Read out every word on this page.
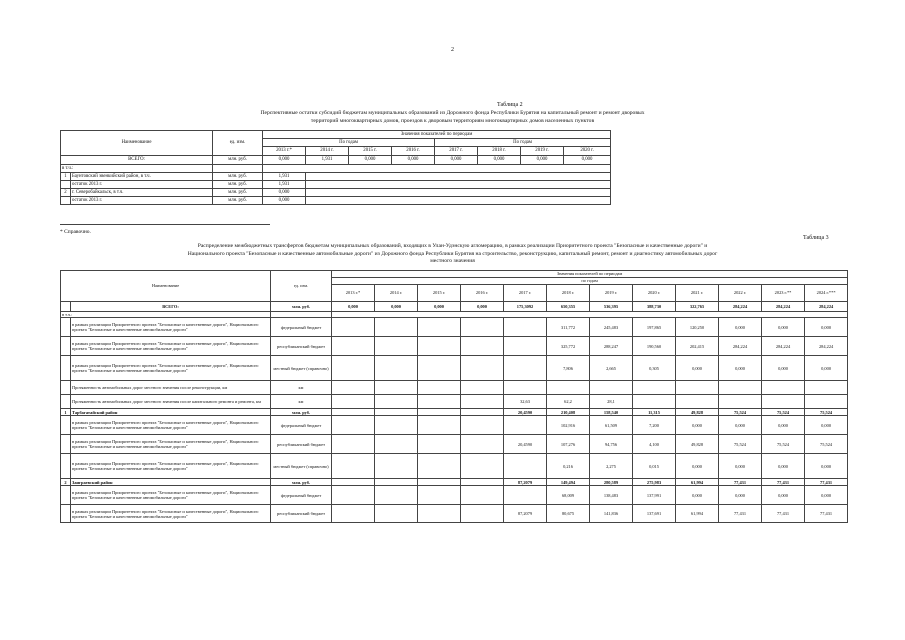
2
Таблица 2
Перспективные остатки субсидий бюджетам муниципальных образований из Дорожного фонда Республики Бурятия на капитальный ремонт и ремонт дворовых
территорий многоквартирных домов, проездов к дворовым территориям многоквартирных домов населенных пунктов
Наименование		ед. изм.	Значения показателей по периодам							
			По годам				По годам			
			2013 г.*	2014 г.	2015 г.	2016 г.	2017 г.	2018 г.	2019 г.	2020 г.
ВСЕГО:		млн. руб.	0,000	1,931	0,000	0,000	0,000	0,000	0,000	0,000
в т.ч.:										
1	Баунтовский эвенкийский район, в т.ч.	млн. руб.	1,931							
	остаток 2013 г.	млн. руб.	1,931							
2	г. Северобайкальск, в т.ч.	млн. руб.	0,000							
	остаток 2013 г.	млн. руб.	0,000							
* Справочно.
Таблица 3
Распределение межбюджетных трансфертов бюджетам муниципальных образований, входящих в Улан-Удэнскую агломерацию, в рамках реализации Приоритетного проекта "Безопасные и качественные дороги" и
Национального проекта "Безопасные и качественные автомобильные дороги" из Дорожного фонда Республики Бурятия на строительство, реконструкцию, капитальный ремонт, ремонт и диагностику автомобильных дорог
местного значения
Наименование		ед. изм.	Значения показателей по периодам											
			по годам											
			2013 г.*	2014 г.	2015 г.	2016 г.	2017 г.	2018 г.	2019 г.	2020 г.	2021 г.	2022 г.	2023 г.**	2024 г.***
	ВСЕГО:	млн. руб.	0,000	0,000	0,000	0,000	175,3092	650,355	536,395	388,730	322,765	284,224	284,224	284,224
в т.ч.:														
	в рамках реализации Приоритетного проекта "Безопасные и качественные дороги", Национального проекта "Безопасные и качественные автомобильные дороги"	федеральный бюджет						311,772	245,483	197,865	120,250	0,000	0,000	0,000
	в рамках реализации Приоритетного проекта "Безопасные и качественные дороги", Национального проекта "Безопасные и качественные автомобильные дороги"	республиканский бюджет						325,772	288,247	190,560	202,415	284,224	284,224	284,224
	в рамках реализации Приоритетного проекта "Безопасные и качественные дороги", Национального проекта "Безопасные и качественные автомобильные дороги"	местный бюджет (справочно)						7,806	2,665	0,305	0,000	0,000	0,000	0,000
	Протяженность автомобильных дорог местного значения после реконструкции, км	км												
	Протяженность автомобильных дорог местного значения после капитального ремонта и ремонта, км	км					32,63	62,2	28,1					
1	Тарбагатайский район	млн. руб.					20,4590	210,408	158,540	11,315	49,828	75,524	75,524	75,524
	в рамках реализации Приоритетного проекта "Безопасные и качественные дороги", Национального проекта "Безопасные и качественные автомобильные дороги"	федеральный бюджет						102,916	61,509	7,200	0,000	0,000	0,000	0,000
	в рамках реализации Приоритетного проекта "Безопасные и качественные дороги", Национального проекта "Безопасные и качественные автомобильные дороги"	республиканский бюджет					20,4590	107,276	94,756	4,100	49,828	75,524	75,524	75,524
	в рамках реализации Приоритетного проекта "Безопасные и качественные дороги", Национального проекта "Безопасные и качественные автомобильные дороги"	местный бюджет (справочно)						0,216	2,275	0,015	0,000	0,000	0,000	0,000
2	Заиграевский район	млн. руб.					87,2079	149,494	280,589	275,983	61,994	77,431	77,431	77,431
	в рамках реализации Приоритетного проекта "Безопасные и качественные дороги", Национального проекта "Безопасные и качественные автомобильные дороги"	федеральный бюджет						68,009	138,483	137,991	0,000	0,000	0,000	0,000
	в рамках реализации Приоритетного проекта "Безопасные и качественные дороги", Национального проекта "Безопасные и качественные автомобильные дороги"	республиканский бюджет					87,2079	80,675	141,836	137,691	61,994	77,431	77,431	77,431
